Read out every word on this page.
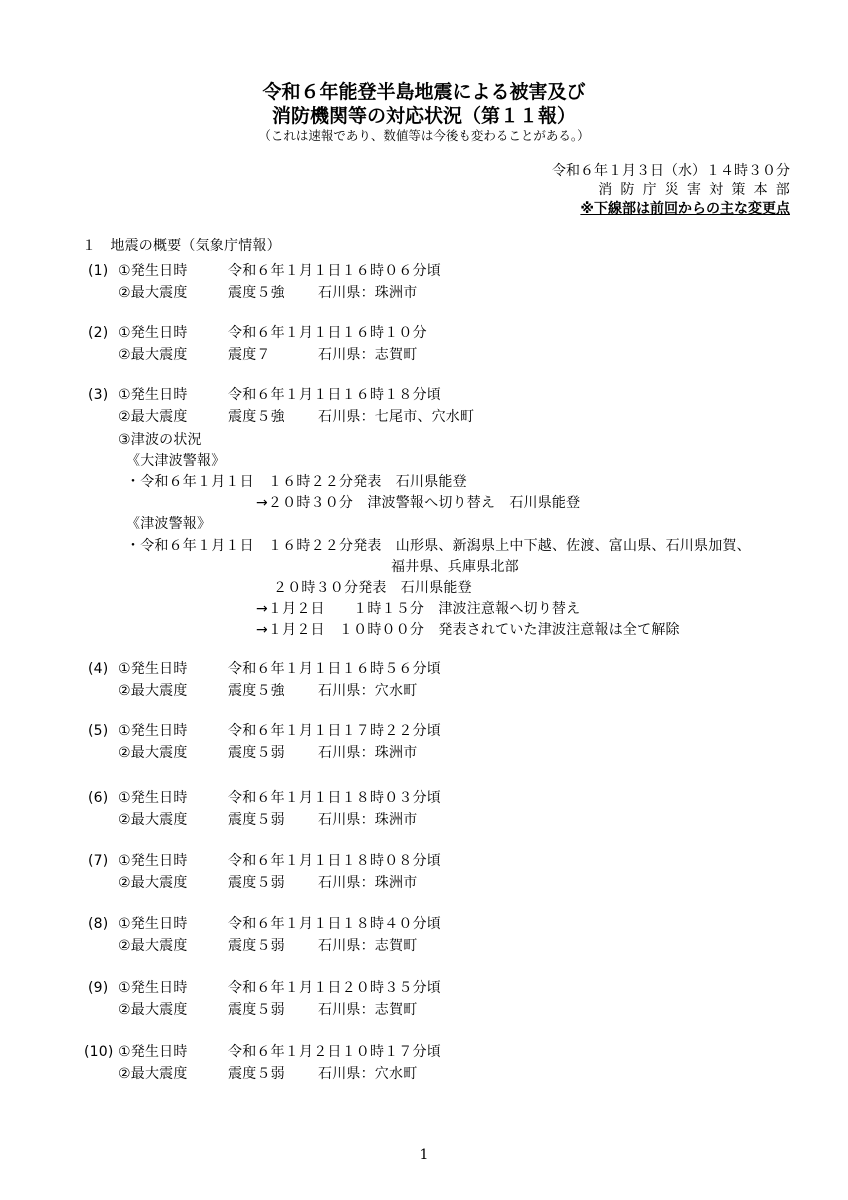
令和６年能登半島地震による被害及び
消防機関等の対応状況（第１１報）
（これは速報であり、数値等は今後も変わることがある。）
令和６年１月３日（水）１４時３０分
消防庁災害対策本部
※下線部は前回からの主な変更点
１　地震の概要（気象庁情報）
(1) ①発生日時	令和６年１月１日１６時０６分頃
②最大震度	震度５強 石川県：珠洲市
(2) ①発生日時	令和６年１月１日１６時１０分
②最大震度	震度７	石川県：志賀町
(3) ①発生日時	令和６年１月１日１６時１８分頃
②最大震度	震度５強 石川県：七尾市、穴水町
(4) ①発生日時	令和６年１月１日１６時５６分頃
②最大震度	震度５強 石川県：穴水町
(5) ①発生日時	令和６年１月１日１７時２２分頃
②最大震度	震度５弱 石川県：珠洲市
(6) ①発生日時	令和６年１月１日１８時０３分頃
②最大震度	震度５弱 石川県：珠洲市
(7) ①発生日時	令和６年１月１日１８時０８分頃
②最大震度	震度５弱 石川県：珠洲市
(8) ①発生日時	令和６年１月１日１８時４０分頃
②最大震度	震度５弱 石川県：志賀町
(9) ①発生日時	令和６年１月１日２０時３５分頃
②最大震度	震度５弱 石川県：志賀町
(10) ①発生日時	令和６年１月２日１０時１７分頃
②最大震度	震度５弱 石川県：穴水町
③津波の状況
《大津波警報》
・令和６年１月１日　１６時２２分発表　石川県能登
→２０時３０分　津波警報へ切り替え　石川県能登
《津波警報》
・令和６年１月１日　１６時２２分発表　山形県、新潟県上中下越、佐渡、富山県、石川県加賀、
福井県、兵庫県北部
２０時３０分発表　石川県能登
→１月２日　　１時１５分　津波注意報へ切り替え
→１月２日　１０時００分　発表されていた津波注意報は全て解除
1
